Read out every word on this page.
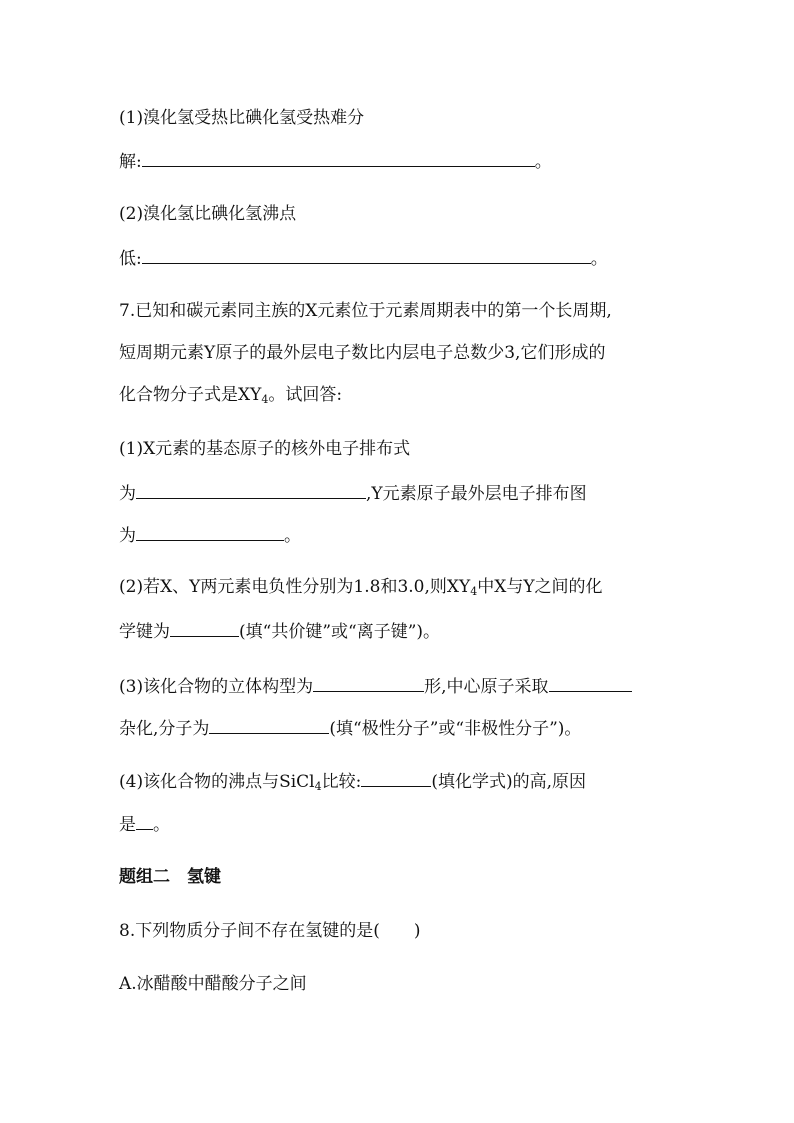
(1)溴化氢受热比碘化氢受热难分
解:	。
(2)溴化氢比碘化氢沸点
低:	。
7.已知和碳元素同主族的X元素位于元素周期表中的第一个长周期,
短周期元素Y原子的最外层电子数比内层电子总数少3,它们形成的
化合物分子式是$XY_4$。试回答:
(1)X元素的基态原子的核外电子排布式
为	,Y元素原子最外层电子排布图
为	。
(2)若X、Y两元素电负性分别为1.8和3.0,则$XY_4$中X与Y之间的化
学键为	(填“共价键”或“离子键”)。
(3)该化合物的立体构型为	形,中心原子采取
杂化,分子为	(填“极性分子”或“非极性分子”)。
(4)该化合物的沸点与SiCl$_4$比较:	(填化学式)的高,原因
是 。
题组二　氢键
8.下列物质分子间不存在氢键的是(　　)
A.冰醋酸中醋酸分子之间
